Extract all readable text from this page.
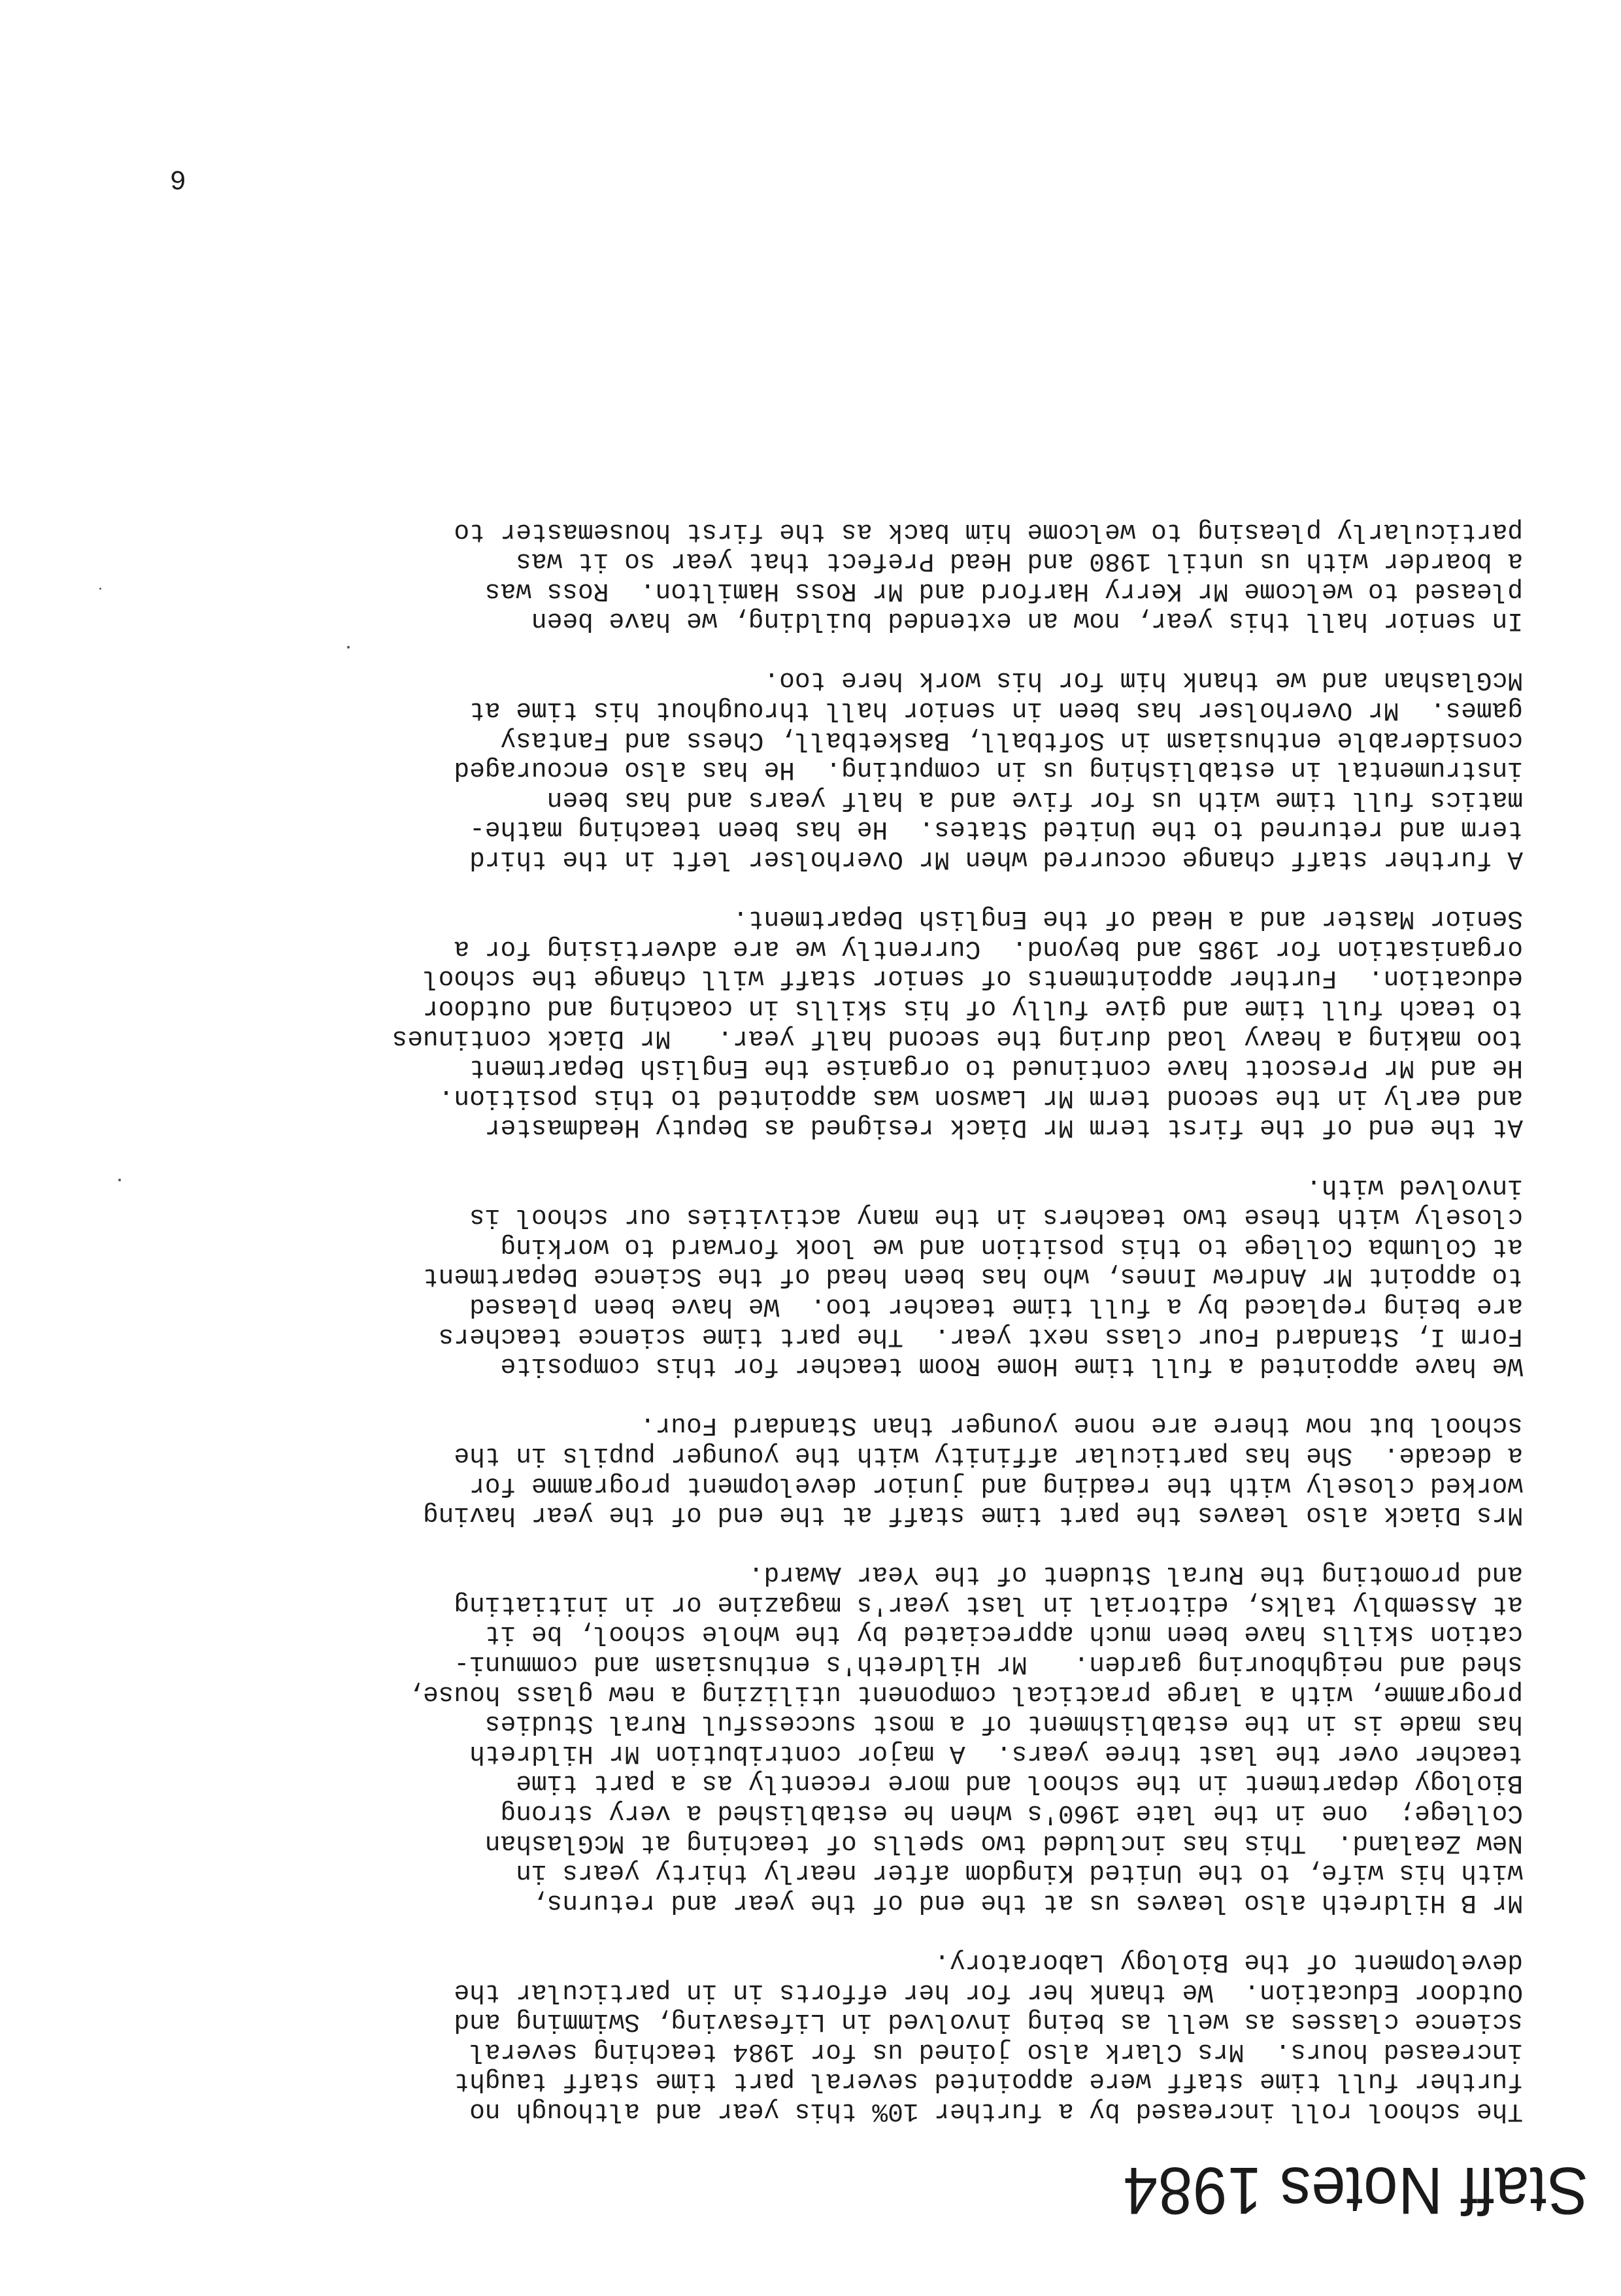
Staff Notes 1984
The school roll increased by a further 10% this year and although no
further full time staff were appointed several part time staff taught
increased hours.  Mrs Clark also joined us for 1984 teaching several
science classes as well as being involved in Lifesaving, Swimming and
Outdoor Education.  We thank her for her efforts in in particular the
development of the Biology Laboratory.
Mr B Hildreth also leaves us at the end of the year and returns,
with his wife, to the United Kingdom after nearly thirty years in
New Zealand.  This has included two spells of teaching at McGlashan
College;  one in the late 1960's when he established a very strong
Biology department in the school and more recently as a part time
teacher over the last three years.  A major contribution Mr Hildreth
has made is in the establishment of a most successful Rural Studies
programme, with a large practical component utilizing a new glass house,
shed and neighbouring garden.   Mr Hildreth's enthusiasm and communi-
cation skills have been much appreciated by the whole school, be it
at Assembly talks, editorial in last year's magazine or in initiating
and promoting the Rural Student of the Year Award.
Mrs Diack also leaves the part time staff at the end of the year having
worked closely with the reading and junior development programme for
a decade.  She has particular affinity with the younger pupils in the
school but now there are none younger than Standard Four.
We have appointed a full time Home Room teacher for this composite
Form I, Standard Four class next year.  The part time science teachers
are being replaced by a full time teacher too.  We have been pleased
to appoint Mr Andrew Innes, who has been head of the Science Department
at Columba College to this position and we look forward to working
closely with these two teachers in the many activities our school is
involved with.
At the end of the first term Mr Diack resigned as Deputy Headmaster
and early in the second term Mr Lawson was appointed to this position.
He and Mr Prescott have continued to organise the English Department
too making a heavy load during the second half year.   Mr Diack continues
to teach full time and give fully of his skills in coaching and outdoor
education.  Further appointments of senior staff will change the school
organisation for 1985 and beyond.  Currently we are advertising for a
Senior Master and a Head of the English Department.
A further staff change occurred when Mr Overholser left in the third
term and returned to the United States.  He has been teaching mathe-
matics full time with us for five and a half years and has been
instrumental in establishing us in computing.  He has also encouraged
considerable enthusiasm in Softball, Basketball, Chess and Fantasy
games.  Mr Overholser has been in senior hall throughout his time at
McGlashan and we thank him for his work here too.
In senior hall this year, now an extended building, we have been
pleased to welcome Mr Kerry Harford and Mr Ross Hamilton.  Ross was
a boarder with us until 1980 and Head Prefect that year so it was
particularly pleasing to welcome him back as the first housemaster to
6
